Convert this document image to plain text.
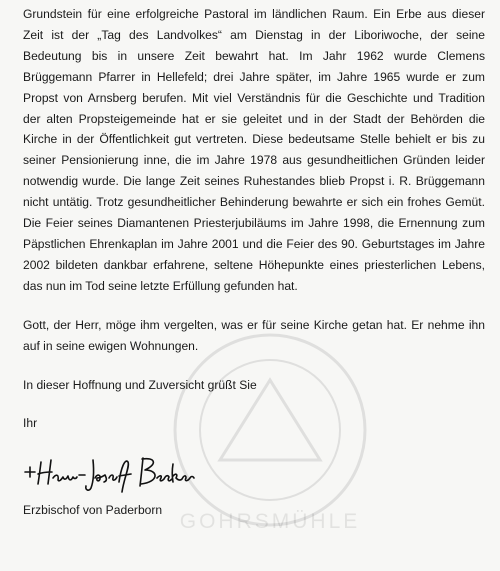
GOHRSMÜHLE
Grundstein für eine erfolgreiche Pastoral im ländlichen Raum. Ein Erbe aus dieser
Zeit ist der „Tag des Landvolkes“ am Dienstag in der Liboriwoche, der seine
Bedeutung bis in unsere Zeit bewahrt hat. Im Jahr 1962 wurde Clemens
Brüggemann Pfarrer in Hellefeld; drei Jahre später, im Jahre 1965 wurde er zum
Propst von Arnsberg berufen. Mit viel Verständnis für die Geschichte und Tradition
der alten Propsteigemeinde hat er sie geleitet und in der Stadt der Behörden die
Kirche in der Öffentlichkeit gut vertreten. Diese bedeutsame Stelle behielt er bis zu
seiner Pensionierung inne, die im Jahre 1978 aus gesundheitlichen Gründen leider
notwendig wurde. Die lange Zeit seines Ruhestandes blieb Propst i. R. Brüggemann
nicht untätig. Trotz gesundheitlicher Behinderung bewahrte er sich ein frohes Gemüt.
Die Feier seines Diamantenen Priesterjubiläums im Jahre 1998, die Ernennung zum
Päpstlichen Ehrenkaplan im Jahre 2001 und die Feier des 90. Geburtstages im Jahre
2002 bildeten dankbar erfahrene, seltene Höhepunkte eines priesterlichen Lebens,
das nun im Tod seine letzte Erfüllung gefunden hat.
Gott, der Herr, möge ihm vergelten, was er für seine Kirche getan hat. Er nehme ihn
auf in seine ewigen Wohnungen.
In dieser Hoffnung und Zuversicht grüßt Sie
Ihr
Erzbischof von Paderborn
